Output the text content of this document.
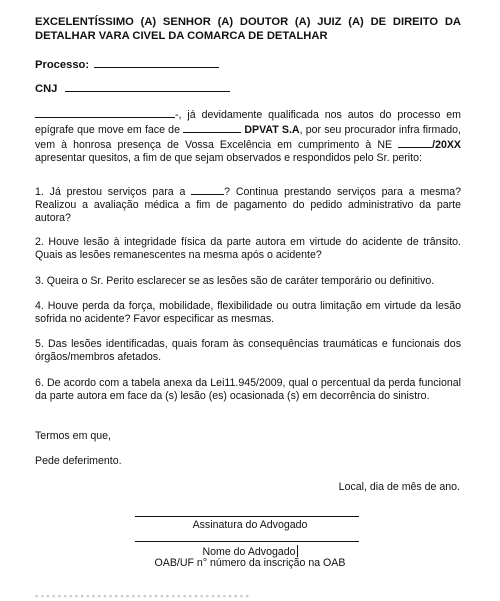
EXCELENTÍSSIMO (A) SENHOR (A) DOUTOR (A) JUIZ (A) DE DIREITO DA DETALHAR VARA CIVEL DA COMARCA DE DETALHAR
Processo:
CNJ
-, já devidamente qualificada nos autos do processo em epígrafe que move em face de	DPVAT S.A, por seu procurador infra firmado, vem à honrosa presença de Vossa Excelência em cumprimento à NE	/20XX apresentar quesitos, a fim de que sejam observados e respondidos pelo Sr. perito:
1. Já prestou serviços para a	? Continua prestando serviços para a mesma? Realizou a avaliação médica a fim de pagamento do pedido administrativo da parte autora?
2. Houve lesão à integridade física da parte autora em virtude do acidente de trânsito. Quais as lesões remanescentes na mesma após o acidente?
3. Queira o Sr. Perito esclarecer se as lesões são de caráter temporário ou definitivo.
4. Houve perda da força, mobilidade, flexibilidade ou outra limitação em virtude da lesão sofrida no acidente? Favor especificar as mesmas.
5. Das lesões identificadas, quais foram às consequências traumáticas e funcionais dos órgãos/membros afetados.
6. De acordo com a tabela anexa da Lei11.945/2009, qual o percentual da perda funcional da parte autora em face da (s) lesão (es) ocasionada (s) em decorrência do sinistro.
Termos em que,
Pede deferimento.
Local, dia de mês de ano.
Assinatura do Advogado
Nome do Advogado
OAB/UF n° número da inscrição na OAB
▪ ▪ ▪ ▪ ▪ ▪ ▪ ▪ ▪ ▪ ▪ ▪ ▪ ▪ ▪ ▪ ▪ ▪ ▪ ▪ ▪ ▪ ▪ ▪ ▪ ▪ ▪ ▪ ▪ ▪ ▪ ▪ ▪ ▪ ▪ ▪ ▪ ▪
